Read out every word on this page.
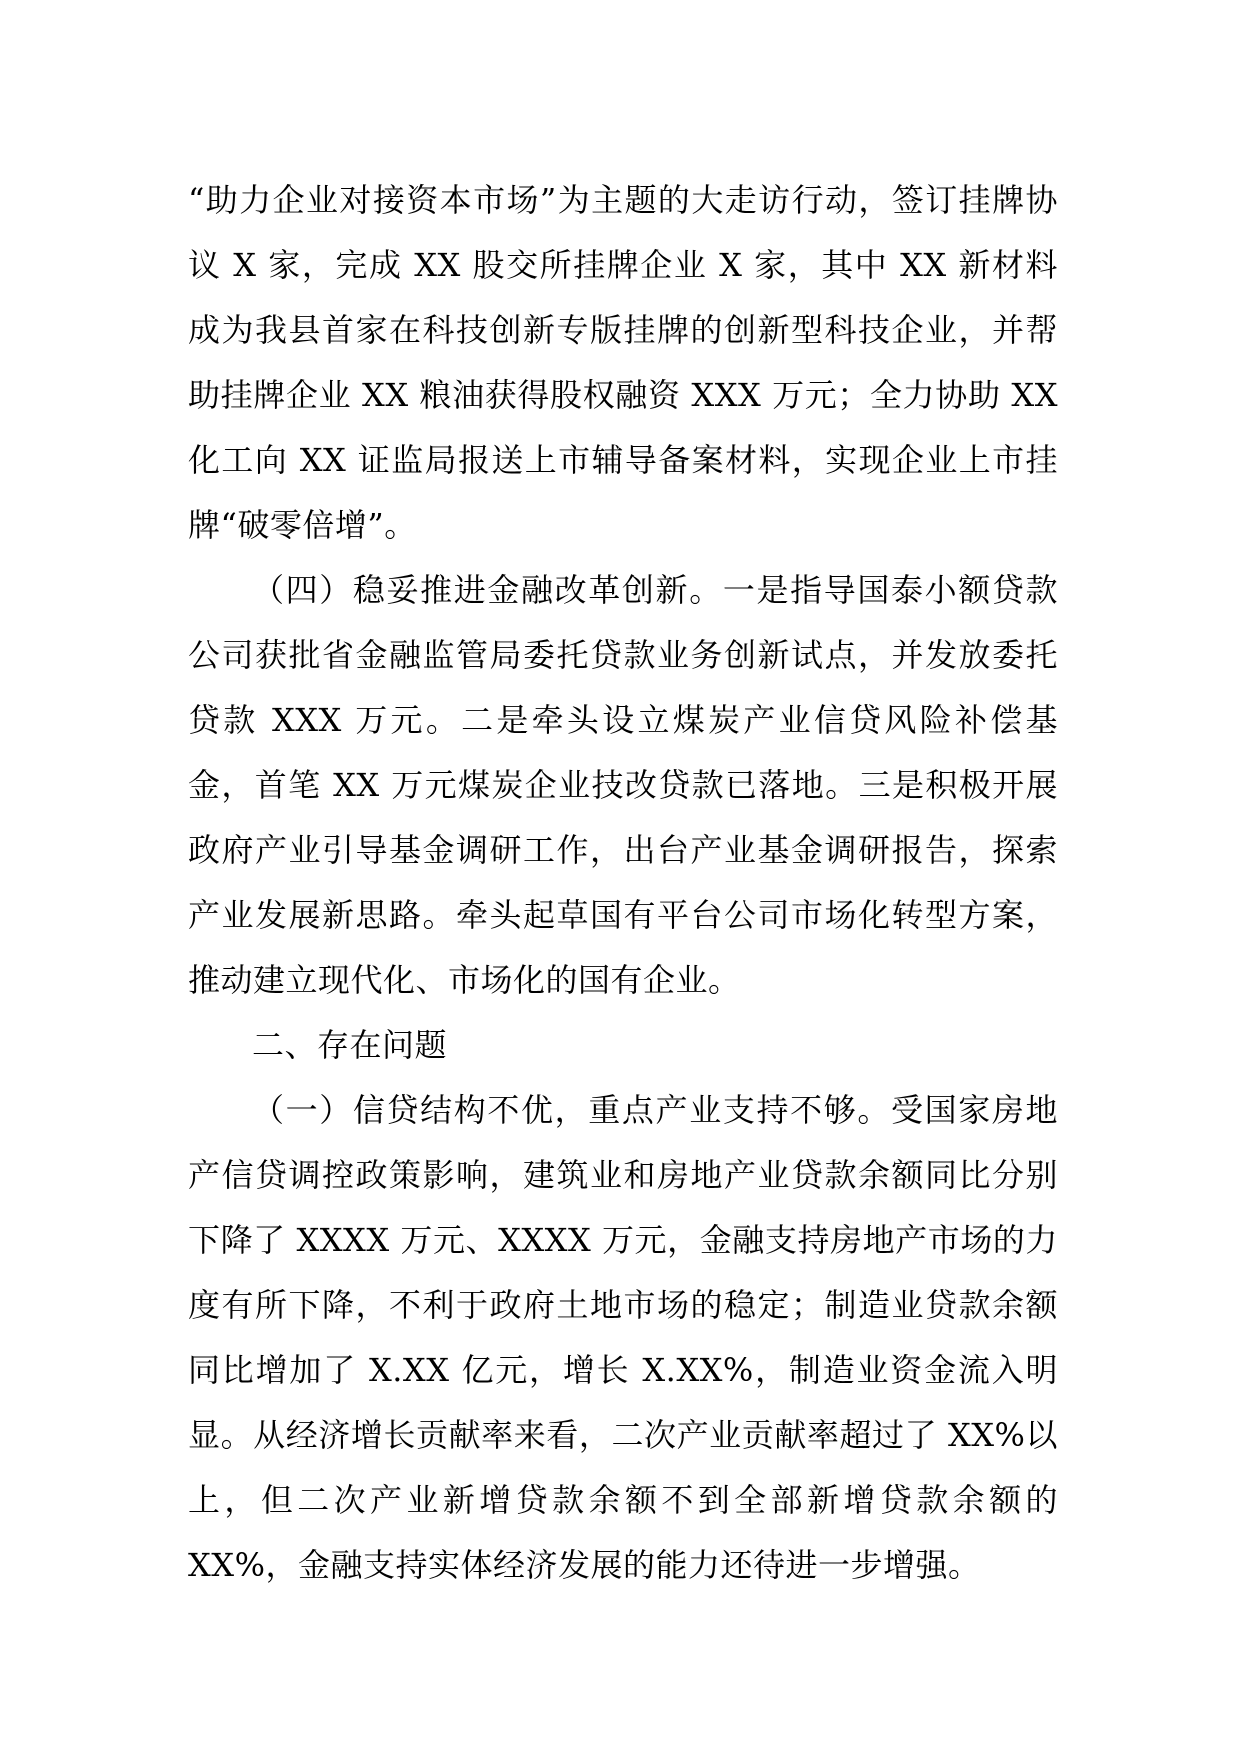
“助力企业对接资本市场”为主题的大走访行动，签订挂牌协议 X 家，完成 XX 股交所挂牌企业 X 家，其中 XX 新材料成为我县首家在科技创新专版挂牌的创新型科技企业，并帮助挂牌企业 XX 粮油获得股权融资 XXX 万元；全力协助 XX 化工向 XX 证监局报送上市辅导备案材料，实现企业上市挂牌“破零倍增”。

（四）稳妥推进金融改革创新。一是指导国泰小额贷款公司获批省金融监管局委托贷款业务创新试点，并发放委托贷款 XXX 万元。二是牵头设立煤炭产业信贷风险补偿基金，首笔 XX 万元煤炭企业技改贷款已落地。三是积极开展政府产业引导基金调研工作，出台产业基金调研报告，探索产业发展新思路。牵头起草国有平台公司市场化转型方案，推动建立现代化、市场化的国有企业。

二、存在问题

（一）信贷结构不优，重点产业支持不够。受国家房地产信贷调控政策影响，建筑业和房地产业贷款余额同比分别下降了 XXXX 万元、XXXX 万元，金融支持房地产市场的力度有所下降，不利于政府土地市场的稳定；制造业贷款余额同比增加了 X.XX 亿元，增长 X.XX%，制造业资金流入明显。从经济增长贡献率来看，二次产业贡献率超过了 XX%以上，但二次产业新增贷款余额不到全部新增贷款余额的 XX%，金融支持实体经济发展的能力还待进一步增强。
